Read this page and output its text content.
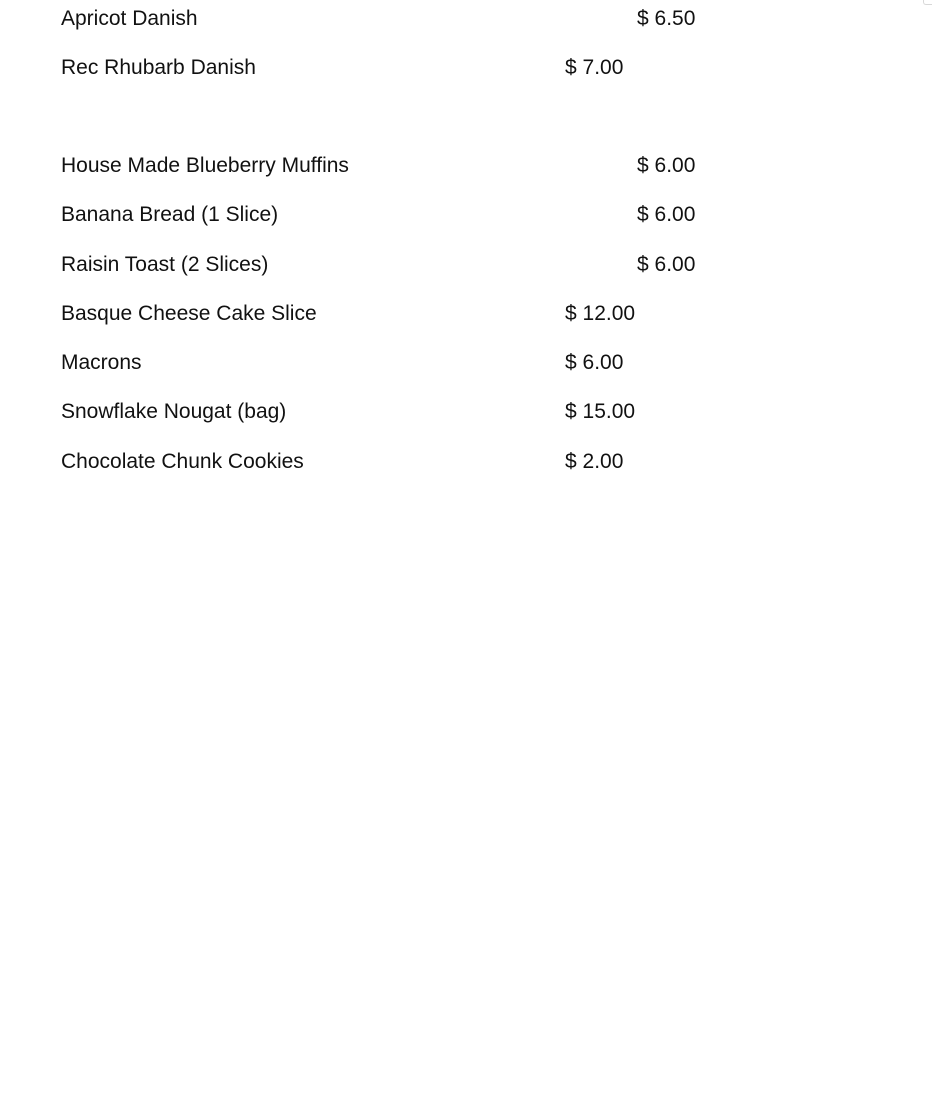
Apricot Danish	$ 6.50
Rec Rhubarb Danish	$ 7.00
House Made Blueberry Muffins	$ 6.00
Banana Bread (1 Slice)	$ 6.00
Raisin Toast (2 Slices)	$ 6.00
Basque Cheese Cake Slice	$ 12.00
Macrons	$ 6.00
Snowflake Nougat (bag)	$ 15.00
Chocolate Chunk Cookies	$ 2.00
